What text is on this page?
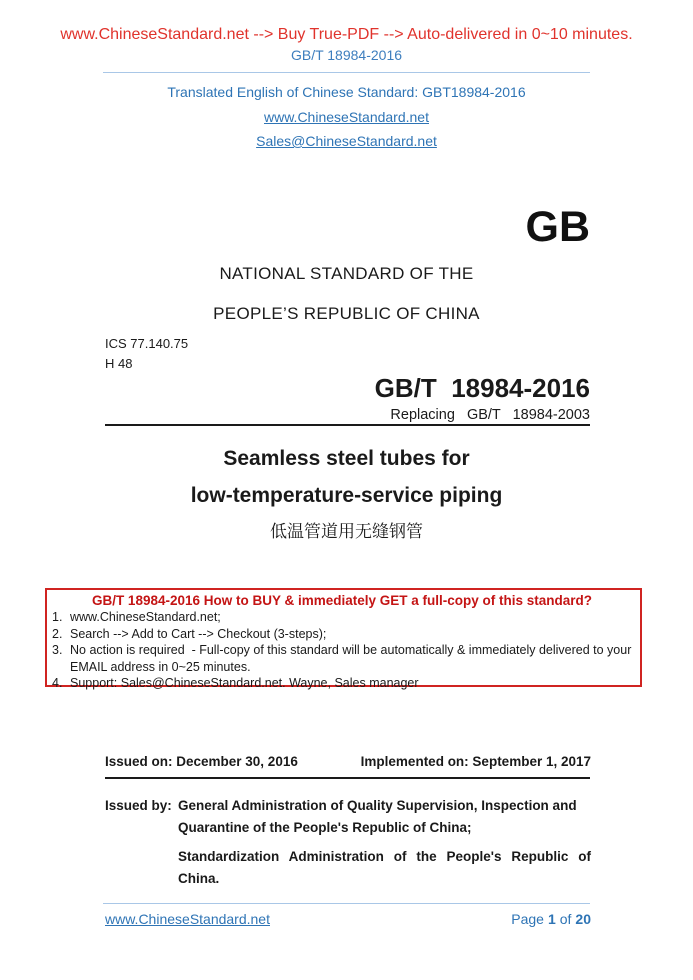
www.ChineseStandard.net --> Buy True-PDF --> Auto-delivered in 0~10 minutes.
GB/T 18984-2016
Translated English of Chinese Standard: GBT18984-2016
www.ChineseStandard.net
Sales@ChineseStandard.net
GB
NATIONAL STANDARD OF THE
PEOPLE’S REPUBLIC OF CHINA
ICS 77.140.75
H 48
GB/T  18984-2016
Replacing  GB/T  18984-2003
Seamless steel tubes for
low-temperature-service piping
低温管道用无缝钢管
GB/T 18984-2016 How to BUY & immediately GET a full-copy of this standard?
1. www.ChineseStandard.net;
2. Search --> Add to Cart --> Checkout (3-steps);
3. No action is required  - Full-copy of this standard will be automatically & immediately delivered to your EMAIL address in 0~25 minutes.
4. Support: Sales@ChineseStandard.net. Wayne, Sales manager
Issued on: December 30, 2016	Implemented on: September 1, 2017
Issued by: General Administration of Quality Supervision, Inspection and Quarantine of the People's Republic of China;
Standardization Administration of the People's Republic of China.
www.ChineseStandard.net	Page 1 of 20
